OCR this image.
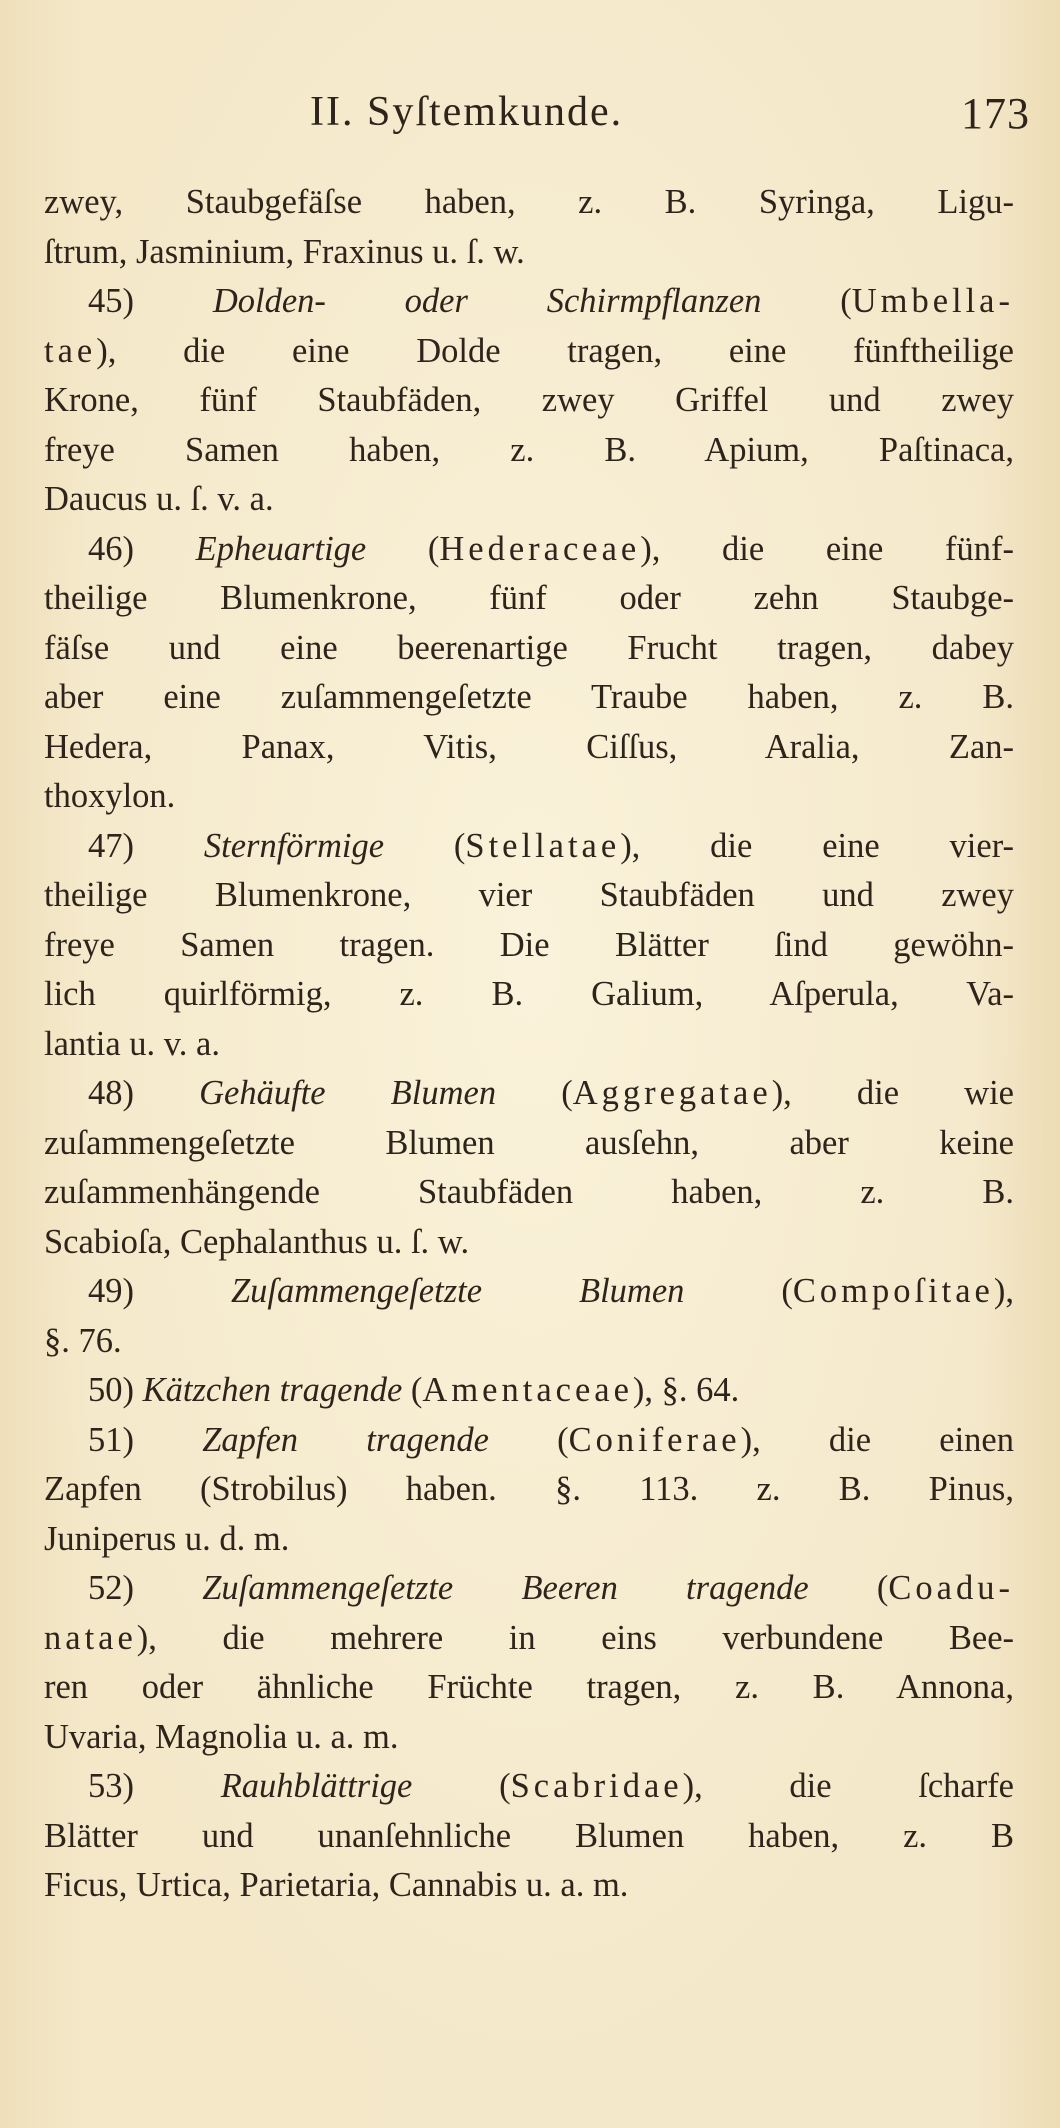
II. Syſtemkunde.	173
zwey, Staubgefäſse haben, z. B. Syringa, Ligu-
ſtrum, Jasminium, Fraxinus u. ſ. w.
45) Dolden- oder Schirmpflanzen (Umbella-
tae), die eine Dolde tragen, eine fünftheilige
Krone, fünf Staubfäden, zwey Griffel und zwey
freye Samen haben, z. B. Apium, Paſtinaca,
Daucus u. ſ. v. a.
46) Epheuartige (Hederaceae), die eine fünf-
theilige Blumenkrone, fünf oder zehn Staubge-
fäſse und eine beerenartige Frucht tragen, dabey
aber eine zuſammengeſetzte Traube haben, z. B.
Hedera, Panax, Vitis, Ciſſus, Aralia, Zan-
thoxylon.
47) Sternförmige (Stellatae), die eine vier-
theilige Blumenkrone, vier Staubfäden und zwey
freye Samen tragen. Die Blätter ſind gewöhn-
lich quirlförmig, z. B. Galium, Aſperula, Va-
lantia u. v. a.
48) Gehäufte Blumen (Aggregatae), die wie
zuſammengeſetzte Blumen ausſehn, aber keine
zuſammenhängende Staubfäden haben, z. B.
Scabioſa, Cephalanthus u. ſ. w.
49) Zuſammengeſetzte Blumen (Compoſitae),
§. 76.
50) Kätzchen tragende (Amentaceae), §. 64.
51) Zapfen tragende (Coniferae), die einen
Zapfen (Strobilus) haben. §. 113. z. B. Pinus,
Juniperus u. d. m.
52) Zuſammengeſetzte Beeren tragende (Coadu-
natae), die mehrere in eins verbundene Bee-
ren oder ähnliche Früchte tragen, z. B. Annona,
Uvaria, Magnolia u. a. m.
53) Rauhblättrige (Scabridae), die ſcharfe
Blätter und unanſehnliche Blumen haben, z. B
Ficus, Urtica, Parietaria, Cannabis u. a. m.
